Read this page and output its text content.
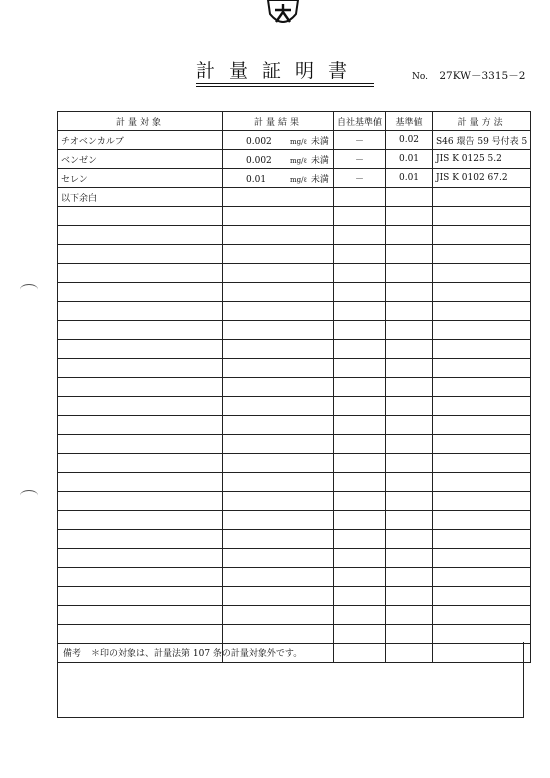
計量証明書	No. 27KW－3315－2
計量対象	計量結果	自社基準値	基準値	計量方法
チオベンカルブ	0.002 mg/ℓ 未満	－	0.02	S46 環告 59 号付表 5
ベンゼン	0.002 mg/ℓ 未満	－	0.01	JIS K 0125 5.2
セレン	0.01 mg/ℓ 未満	－	0.01	JIS K 0102 67.2
以下余白				

備考 ＊印の対象は、計量法第 107 条の計量対象外です。
